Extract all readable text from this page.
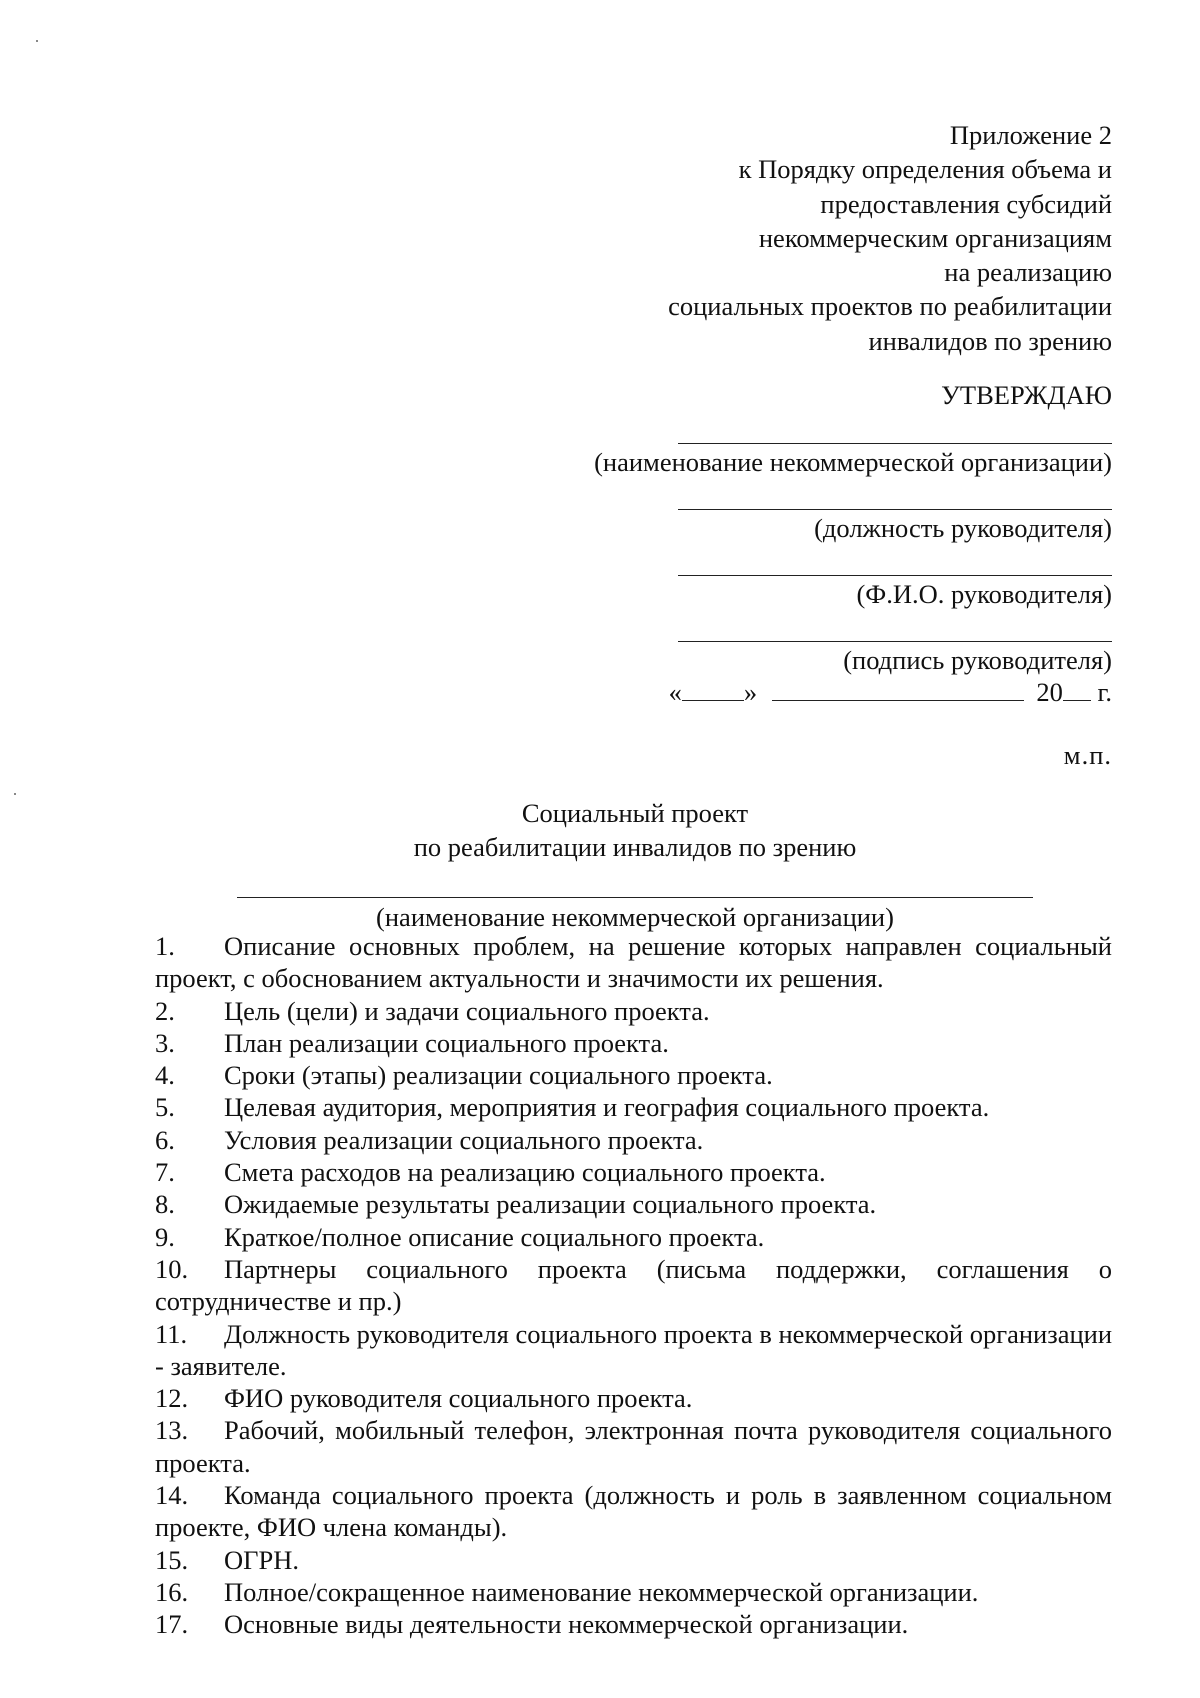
Приложение 2
к Порядку определения объема и
предоставления субсидий
некоммерческим организациям
на реализацию
социальных проектов по реабилитации
инвалидов по зрению
УТВЕРЖДАЮ
(наименование некоммерческой организации)
(должность руководителя)
(Ф.И.О. руководителя)
(подпись руководителя)
« »	20 г.
м.п.
Социальный проект
по реабилитации инвалидов по зрению
(наименование некоммерческой организации)

1. Описание основных проблем, на решение которых направлен социальный проект, с обоснованием актуальности и значимости их решения.

2. Цель (цели) и задачи социального проекта.

3. План реализации социального проекта.

4. Сроки (этапы) реализации социального проекта.

5. Целевая аудитория, мероприятия и география социального проекта.

6. Условия реализации социального проекта.

7. Смета расходов на реализацию социального проекта.

8. Ожидаемые результаты реализации социального проекта.

9. Краткое/полное описание социального проекта.

10. Партнеры социального проекта (письма поддержки, соглашения о сотрудничестве и пр.)

11. Должность руководителя социального проекта в некоммерческой организации - заявителе.

12. ФИО руководителя социального проекта.

13. Рабочий, мобильный телефон, электронная почта руководителя социального проекта.

14. Команда социального проекта (должность и роль в заявленном социальном проекте, ФИО члена команды).

15. ОГРН.

16. Полное/сокращенное наименование некоммерческой организации.

17. Основные виды деятельности некоммерческой организации.
